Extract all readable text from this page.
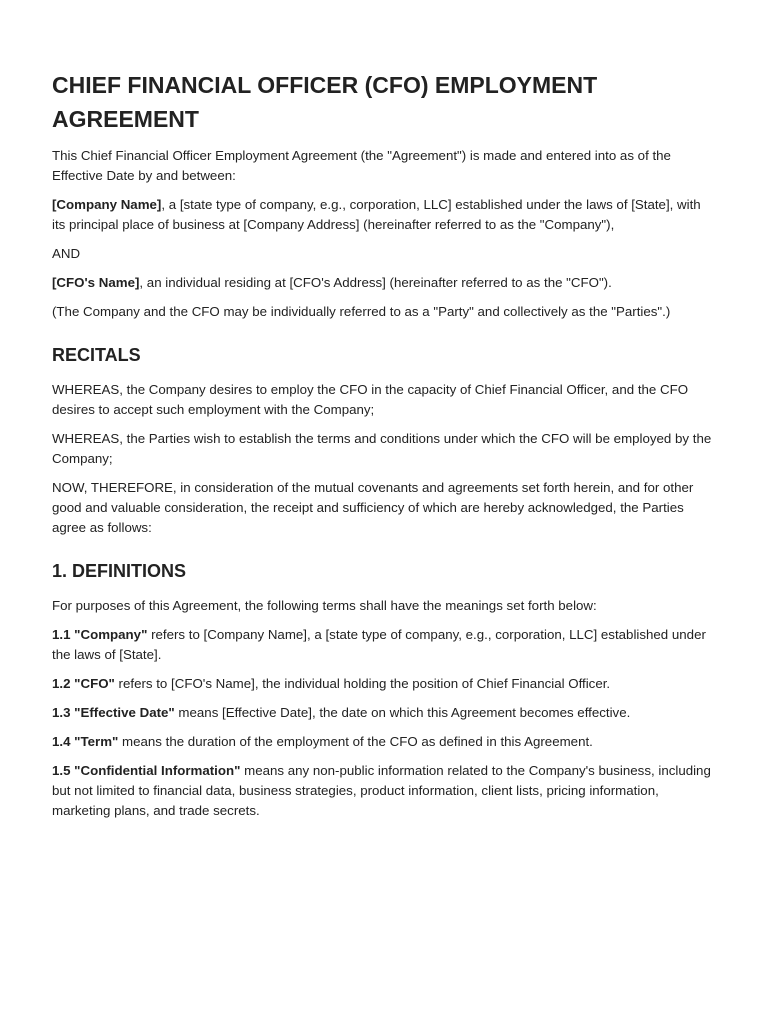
CHIEF FINANCIAL OFFICER (CFO) EMPLOYMENT AGREEMENT

This Chief Financial Officer Employment Agreement (the "Agreement") is made and entered into as of the Effective Date by and between:

[Company Name], a [state type of company, e.g., corporation, LLC] established under the laws of [State], with its principal place of business at [Company Address] (hereinafter referred to as the "Company"),

AND

[CFO's Name], an individual residing at [CFO's Address] (hereinafter referred to as the "CFO").

(The Company and the CFO may be individually referred to as a "Party" and collectively as the "Parties".)

RECITALS

WHEREAS, the Company desires to employ the CFO in the capacity of Chief Financial Officer, and the CFO desires to accept such employment with the Company;

WHEREAS, the Parties wish to establish the terms and conditions under which the CFO will be employed by the Company;

NOW, THEREFORE, in consideration of the mutual covenants and agreements set forth herein, and for other good and valuable consideration, the receipt and sufficiency of which are hereby acknowledged, the Parties agree as follows:

1. DEFINITIONS

For purposes of this Agreement, the following terms shall have the meanings set forth below:

1.1 "Company" refers to [Company Name], a [state type of company, e.g., corporation, LLC] established under the laws of [State].

1.2 "CFO" refers to [CFO's Name], the individual holding the position of Chief Financial Officer.

1.3 "Effective Date" means [Effective Date], the date on which this Agreement becomes effective.

1.4 "Term" means the duration of the employment of the CFO as defined in this Agreement.

1.5 "Confidential Information" means any non-public information related to the Company's business, including but not limited to financial data, business strategies, product information, client lists, pricing information, marketing plans, and trade secrets.
